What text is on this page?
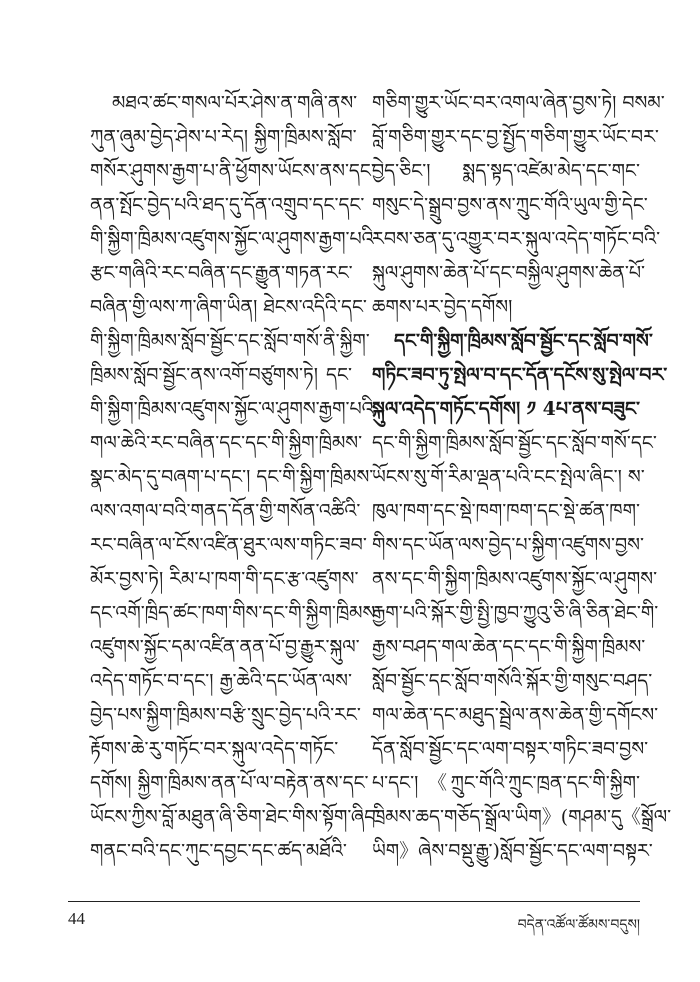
མཐའ་ཚང་གསལ་པོར་ཤེས་ན་གཞི་ནས་
ཀུན་ཞུམ་བྱེད་ཤེས་པ་རེད། སྐྱིག་ཁྲིམས་སློབ་
གསོར་ཤུགས་རྒྱག་པ་ནི་ཕྱོགས་ཡོངས་ནས་དང་
ནན་སྤོང་བྱེད་པའི་ཐད་དུ་དོན་འགྲུབ་དང་དང་
གི་སྐྱིག་ཁྲིམས་འཛུགས་སྐྱོང་ལ་ཤུགས་རྒྱག་པའི་
རྩང་གཞིའི་རང་བཞིན་དང་རྒྱུན་གཏན་རང་
བཞིན་གྱི་ལས་ཀ་ཞིག་ཡིན། ཐེངས་འདིའི་དང་
གི་སྐྱིག་ཁྲིམས་སློབ་སྦྱོང་དང་སློབ་གསོ་ནི་སྐྱིག་
ཁྲིམས་སློབ་སྦྱོང་ནས་འགོ་བཙུགས་ཏེ། དང་
གི་སྐྱིག་ཁྲིམས་འཛུགས་སྐྱོང་ལ་ཤུགས་རྒྱག་པའི་
གལ་ཆེའི་རང་བཞིན་དང་དང་གི་སྐྱིག་ཁྲིམས་
སྣང་མེད་དུ་བཞག་པ་དང་། དང་གི་སྐྱིག་ཁྲིམས་
ལས་འགལ་བའི་གནད་དོན་གྱི་གསོན་འཚིའི་
རང་བཞིན་ལ་ངོས་འཛིན་ཐུར་ལས་གཏིང་ཟབ་
མོར་བྱས་ཏེ། རིམ་པ་ཁག་གི་དང་རྩ་འཛུགས་
དང་འགོ་ཁྲིད་ཚང་ཁག་གིས་དང་གི་སྐྱིག་ཁྲིམས་
འཛུགས་སྐྱོང་དམ་འཛིན་ནན་པོ་བྱ་རྒྱུར་སྐུལ་
འདེད་གཏོང་བ་དང་། རྒྱ་ཆེའི་དང་ཡོན་ལས་
བྱེད་པས་སྐྱིག་ཁྲིམས་བརྩི་སྲུང་བྱེད་པའི་རང་
རྟོགས་ཆེ་རུ་གཏོང་བར་སྐུལ་འདེད་གཏོང་
དགོས། སྐྱིག་ཁྲིམས་ནན་པོ་ལ་བརྟེན་ནས་དང་
ཡོངས་ཀྱིས་བློ་མཐུན་ཞི་ཅིག་ཐེང་གིས་སྟོག་ཞིང་
གནང་བའི་དང་ཀུང་དབྱང་དང་ཚད་མཐོའི་
གཅིག་གྱུར་ཡོང་བར་འགལ་ཞེན་བྱས་ཏེ། བསམ་
བློ་གཅིག་གྱུར་དང་བྱ་སྤྱོད་གཅིག་གྱུར་ཡོང་བར་
བྱེད་ཅིང་། སྨད་སྟད་འཛེམ་མེད་དང་གང་
གསུང་དེ་སྒྲུབ་བྱས་ནས་ཀྲུང་གོའི་ཡུལ་གྱི་དེང་
རབས་ཅན་དུ་འགྱུར་བར་སྐུལ་འདེད་གཏོང་བའི་
སྐུལ་ཤུགས་ཆེན་པོ་དང་བསྐྱིལ་ཤུགས་ཆེན་པོ་
ཆགས་པར་བྱེད་དགོས།
དང་གི་སྐྱིག་ཁྲིམས་སློབ་སྦྱོང་དང་སློབ་གསོ་
གཏིང་ཟབ་ཏུ་སྤེལ་བ་དང་དོན་དངོས་སུ་སྤེལ་བར་
སྐུལ་འདེད་གཏོང་དགོས། ༡ 4པ་ནས་བཟུང་
དང་གི་སྐྱིག་ཁྲིམས་སློབ་སྦྱོང་དང་སློབ་གསོ་དང་
ཡོངས་སུ་གོ་རིམ་ལྡན་པའི་ངང་སྤེལ་ཞིང་། ས་
ཁུལ་ཁག་དང་སྡེ་ཁག་ཁག་དང་སྡེ་ཚན་ཁག་
གིས་དང་ཡོན་ལས་བྱེད་པ་སྐྱིག་འཛུགས་བྱས་
ནས་དང་གི་སྐྱིག་ཁྲིམས་འཛུགས་སྐྱོང་ལ་ཤུགས་
རྒྱག་པའི་སྐོར་གྱི་སྤྱི་ཁྱབ་ཀྱུའུ་ཅི་ཞི་ཅིན་ཐེང་གི་
རྒྱས་བཤད་གལ་ཆེན་དང་དང་གི་སྐྱིག་ཁྲིམས་
སློབ་སྦྱོང་དང་སློབ་གསོའི་སྐོར་གྱི་གསུང་བཤད་
གལ་ཆེན་དང་མཐུད་སྦྲེལ་ནས་ཆེན་གྱི་དགོངས་
དོན་སློབ་སྦྱོང་དང་ལག་བསྟར་གཏིང་ཟབ་བྱས་
པ་དང་། 《ཀྲུང་གོའི་ཀྲུང་ཁྲན་དང་གི་སྐྱིག་
ཁྲིམས་ཆད་གཅོད་སྒྲོལ་ཡིག》(གཤམ་དུ《སྒྲོལ་
ཡིག》ཞེས་བསྡུ་རྒྱུ་)སློབ་སྦྱོང་དང་ལག་བསྟར་
44	བདེན་འཚོལ་ཚོམས་བདུས།
